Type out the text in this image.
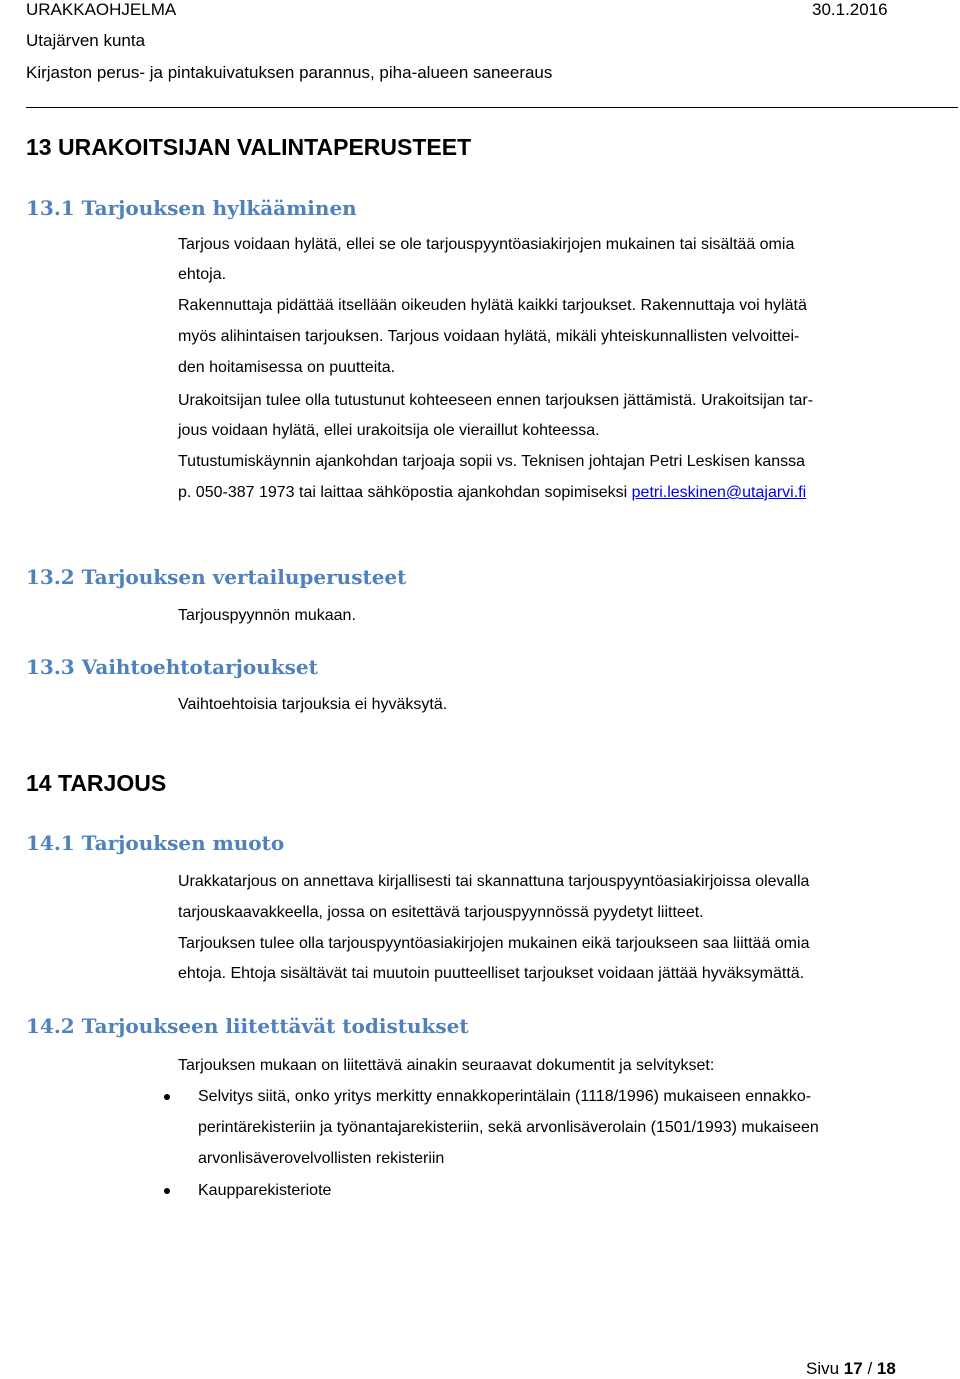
URAKKAOHJELMA	30.1.2016
Utajärven kunta
Kirjaston perus- ja pintakuivatuksen parannus, piha-alueen saneeraus
13 URAKOITSIJAN VALINTAPERUSTEET
13.1 Tarjouksen hylkääminen
Tarjous voidaan hylätä, ellei se ole tarjouspyyntöasiakirjojen mukainen tai sisältää omia
ehtoja.
Rakennuttaja pidättää itsellään oikeuden hylätä kaikki tarjoukset. Rakennuttaja voi hylätä
myös alihintaisen tarjouksen. Tarjous voidaan hylätä, mikäli yhteiskunnallisten velvoittei-
den hoitamisessa on puutteita.
Urakoitsijan tulee olla tutustunut kohteeseen ennen tarjouksen jättämistä. Urakoitsijan tar-
jous voidaan hylätä, ellei urakoitsija ole vieraillut kohteessa.
Tutustumiskäynnin ajankohdan tarjoaja sopii vs. Teknisen johtajan Petri Leskisen kanssa
p. 050-387 1973 tai laittaa sähköpostia ajankohdan sopimiseksi petri.leskinen@utajarvi.fi
13.2 Tarjouksen vertailuperusteet
Tarjouspyynnön mukaan.
13.3 Vaihtoehtotarjoukset
Vaihtoehtoisia tarjouksia ei hyväksytä.
14 TARJOUS
14.1 Tarjouksen muoto
Urakkatarjous on annettava kirjallisesti tai skannattuna tarjouspyyntöasiakirjoissa olevalla
tarjouskaavakkeella, jossa on esitettävä tarjouspyynnössä pyydetyt liitteet.
Tarjouksen tulee olla tarjouspyyntöasiakirjojen mukainen eikä tarjoukseen saa liittää omia
ehtoja. Ehtoja sisältävät tai muutoin puutteelliset tarjoukset voidaan jättää hyväksymättä.
14.2 Tarjoukseen liitettävät todistukset
Tarjouksen mukaan on liitettävä ainakin seuraavat dokumentit ja selvitykset:
Selvitys siitä, onko yritys merkitty ennakkoperintälain (1118/1996) mukaiseen ennakko-
perintärekisteriin ja työnantajarekisteriin, sekä arvonlisäverolain (1501/1993) mukaiseen
arvonlisäverovelvollisten rekisteriin
Kaupparekisteriote
Sivu 17 / 18
